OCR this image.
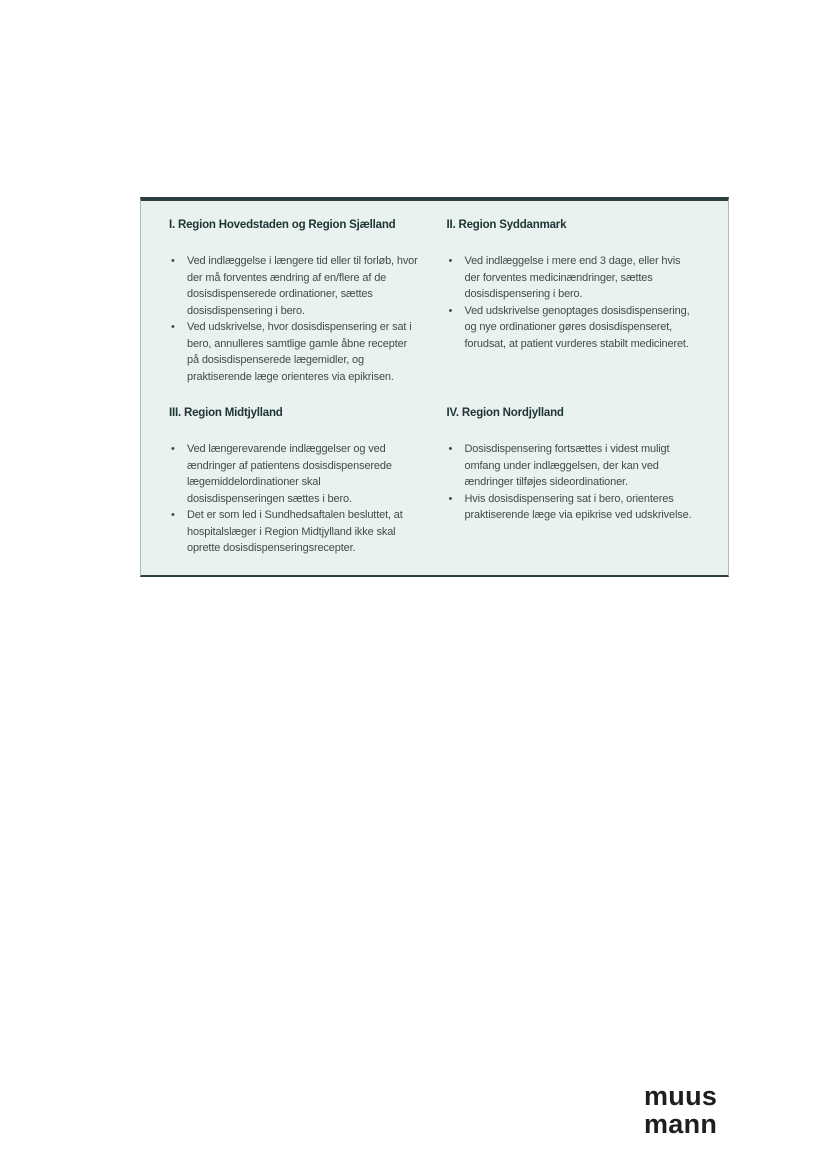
I. Region Hovedstaden og Region Sjælland
• Ved indlæggelse i længere tid eller til forløb, hvor der må forventes ændring af en/flere af de dosisdispenserede ordinationer, sættes dosisdispensering i bero.
• Ved udskrivelse, hvor dosisdispensering er sat i bero, annulleres samtlige gamle åbne recepter på dosisdispenserede lægemidler, og praktiserende læge orienteres via epikrisen.
II. Region Syddanmark
• Ved indlæggelse i mere end 3 dage, eller hvis der forventes medicinændringer, sættes dosisdispensering i bero.
• Ved udskrivelse genoptages dosisdispensering, og nye ordinationer gøres dosisdispenseret, forudsat, at patient vurderes stabilt medicineret.
III. Region Midtjylland
• Ved længerevarende indlæggelser og ved ændringer af patientens dosisdispenserede lægemiddelordinationer skal dosisdispenseringen sættes i bero.
• Det er som led i Sundhedsaftalen besluttet, at hospitalslæger i Region Midtjylland ikke skal oprette dosisdispenseringsrecepter.
IV. Region Nordjylland
• Dosisdispensering fortsættes i videst muligt omfang under indlæggelsen, der kan ved ændringer tilføjes sideordinationer.
• Hvis dosisdispensering sat i bero, orienteres praktiserende læge via epikrise ved udskrivelse.
muus
mann
